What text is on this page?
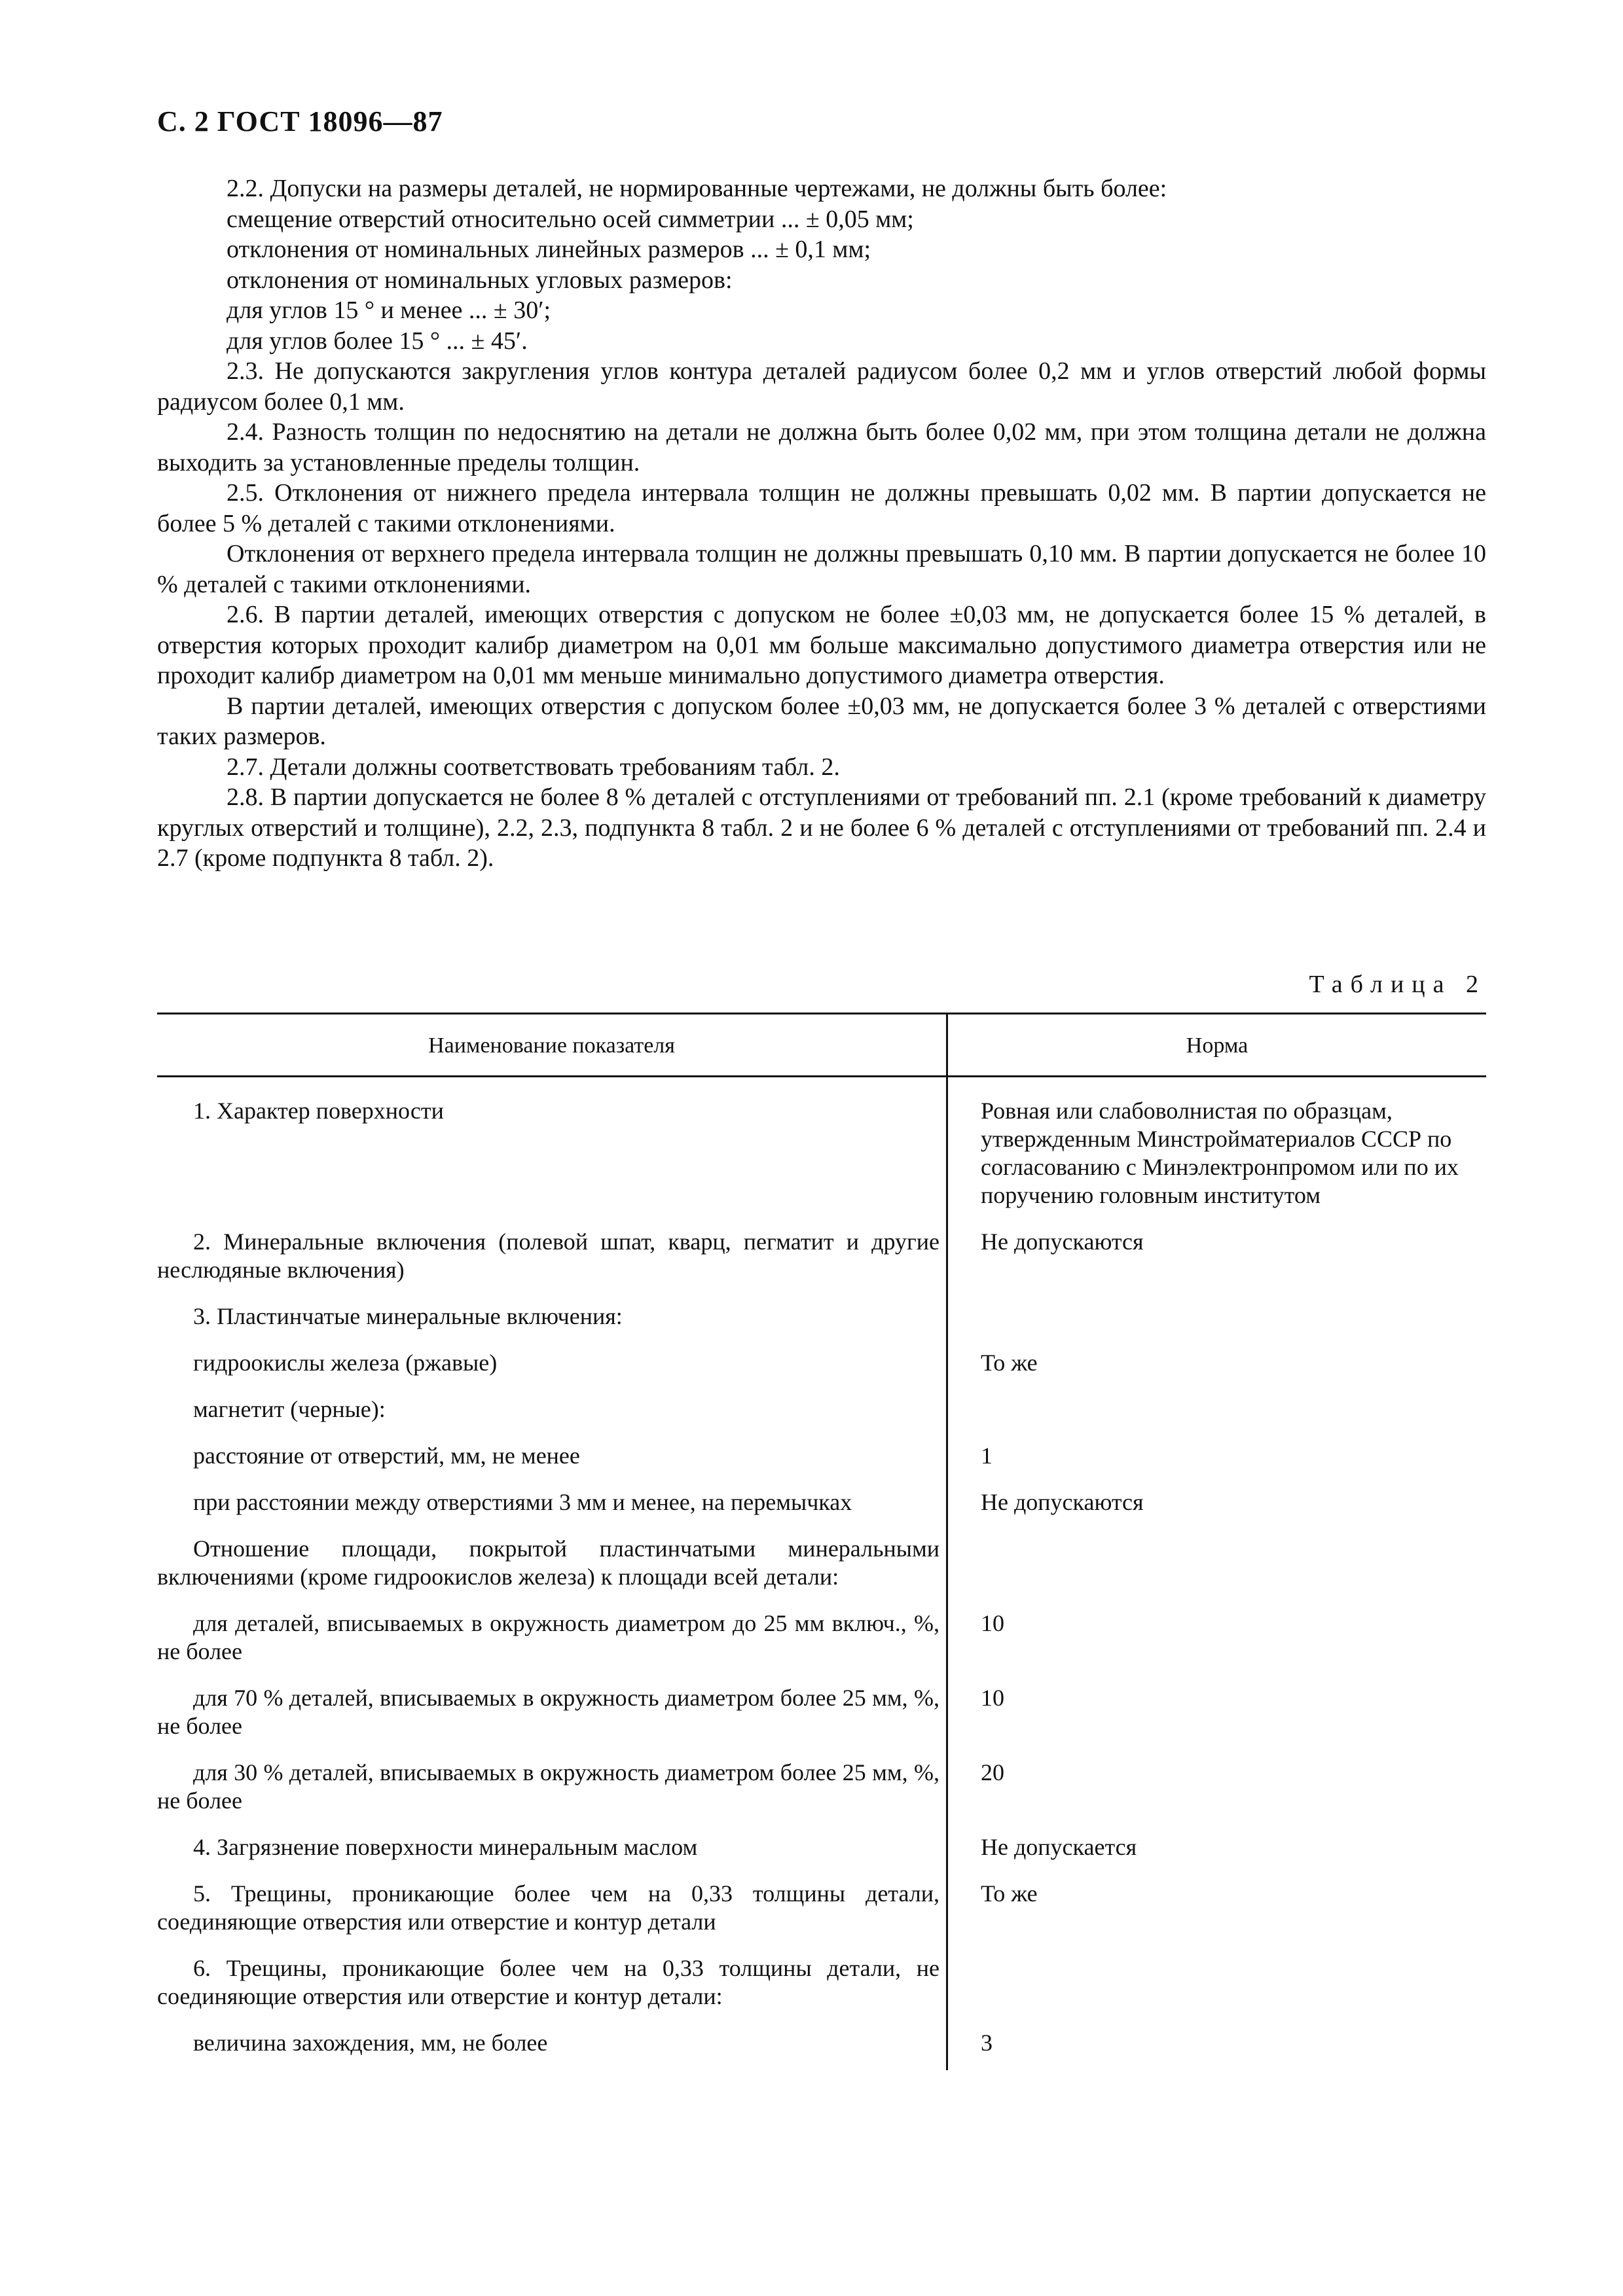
С. 2 ГОСТ 18096—87

2.2. Допуски на размеры деталей, не нормированные чертежами, не должны быть более:

смещение отверстий относительно осей симметрии ... ± 0,05 мм;

отклонения от номинальных линейных размеров ... ± 0,1 мм;

отклонения от номинальных угловых размеров:

для углов 15 ° и менее ... ± 30′;

для углов более 15 ° ... ± 45′.

2.3. Не допускаются закругления углов контура деталей радиусом более 0,2 мм и углов отверстий любой формы радиусом более 0,1 мм.

2.4. Разность толщин по недоснятию на детали не должна быть более 0,02 мм, при этом толщина детали не должна выходить за установленные пределы толщин.

2.5. Отклонения от нижнего предела интервала толщин не должны превышать 0,02 мм. В партии допускается не более 5 % деталей с такими отклонениями.

Отклонения от верхнего предела интервала толщин не должны превышать 0,10 мм. В партии допускается не более 10 % деталей с такими отклонениями.

2.6. В партии деталей, имеющих отверстия с допуском не более ±0,03 мм, не допускается более 15 % деталей, в отверстия которых проходит калибр диаметром на 0,01 мм больше максимально допустимого диаметра отверстия или не проходит калибр диаметром на 0,01 мм меньше минимально допустимого диаметра отверстия.

В партии деталей, имеющих отверстия с допуском более ±0,03 мм, не допускается более 3 % деталей с отверстиями таких размеров.

2.7. Детали должны соответствовать требованиям табл. 2.

2.8. В партии допускается не более 8 % деталей с отступлениями от требований пп. 2.1 (кроме требований к диаметру круглых отверстий и толщине), 2.2, 2.3, подпункта 8 табл. 2 и не более 6 % деталей с отступлениями от требований пп. 2.4 и 2.7 (кроме подпункта 8 табл. 2).

Таблица 2
Наименование показателя	Норма

1. Характер поверхности	Ровная или слабоволнистая по образцам, утвержденным Минстройматериалов СССР по согласованию с Минэлектронпромом или по их поручению головным институтом

2. Минеральные включения (полевой шпат, кварц, пегматит и другие неслюдяные включения)	Не допускаются

3. Пластинчатые минеральные включения:	

гидроокислы железа (ржавые)	То же

магнетит (черные):	

расстояние от отверстий, мм, не менее	1

при расстоянии между отверстиями 3 мм и менее, на перемычках	Не допускаются

Отношение площади, покрытой пластинчатыми минеральными включениями (кроме гидроокислов железа) к площади всей детали:	

для деталей, вписываемых в окружность диаметром до 25 мм включ., %, не более	10

для 70 % деталей, вписываемых в окружность диаметром более 25 мм, %, не более	10

для 30 % деталей, вписываемых в окружность диаметром более 25 мм, %, не более	20

4. Загрязнение поверхности минеральным маслом	Не допускается

5. Трещины, проникающие более чем на 0,33 толщины детали, соединяющие отверстия или отверстие и контур детали	То же

6. Трещины, проникающие более чем на 0,33 толщины детали, не соединяющие отверстия или отверстие и контур детали:	

величина захождения, мм, не более	3
